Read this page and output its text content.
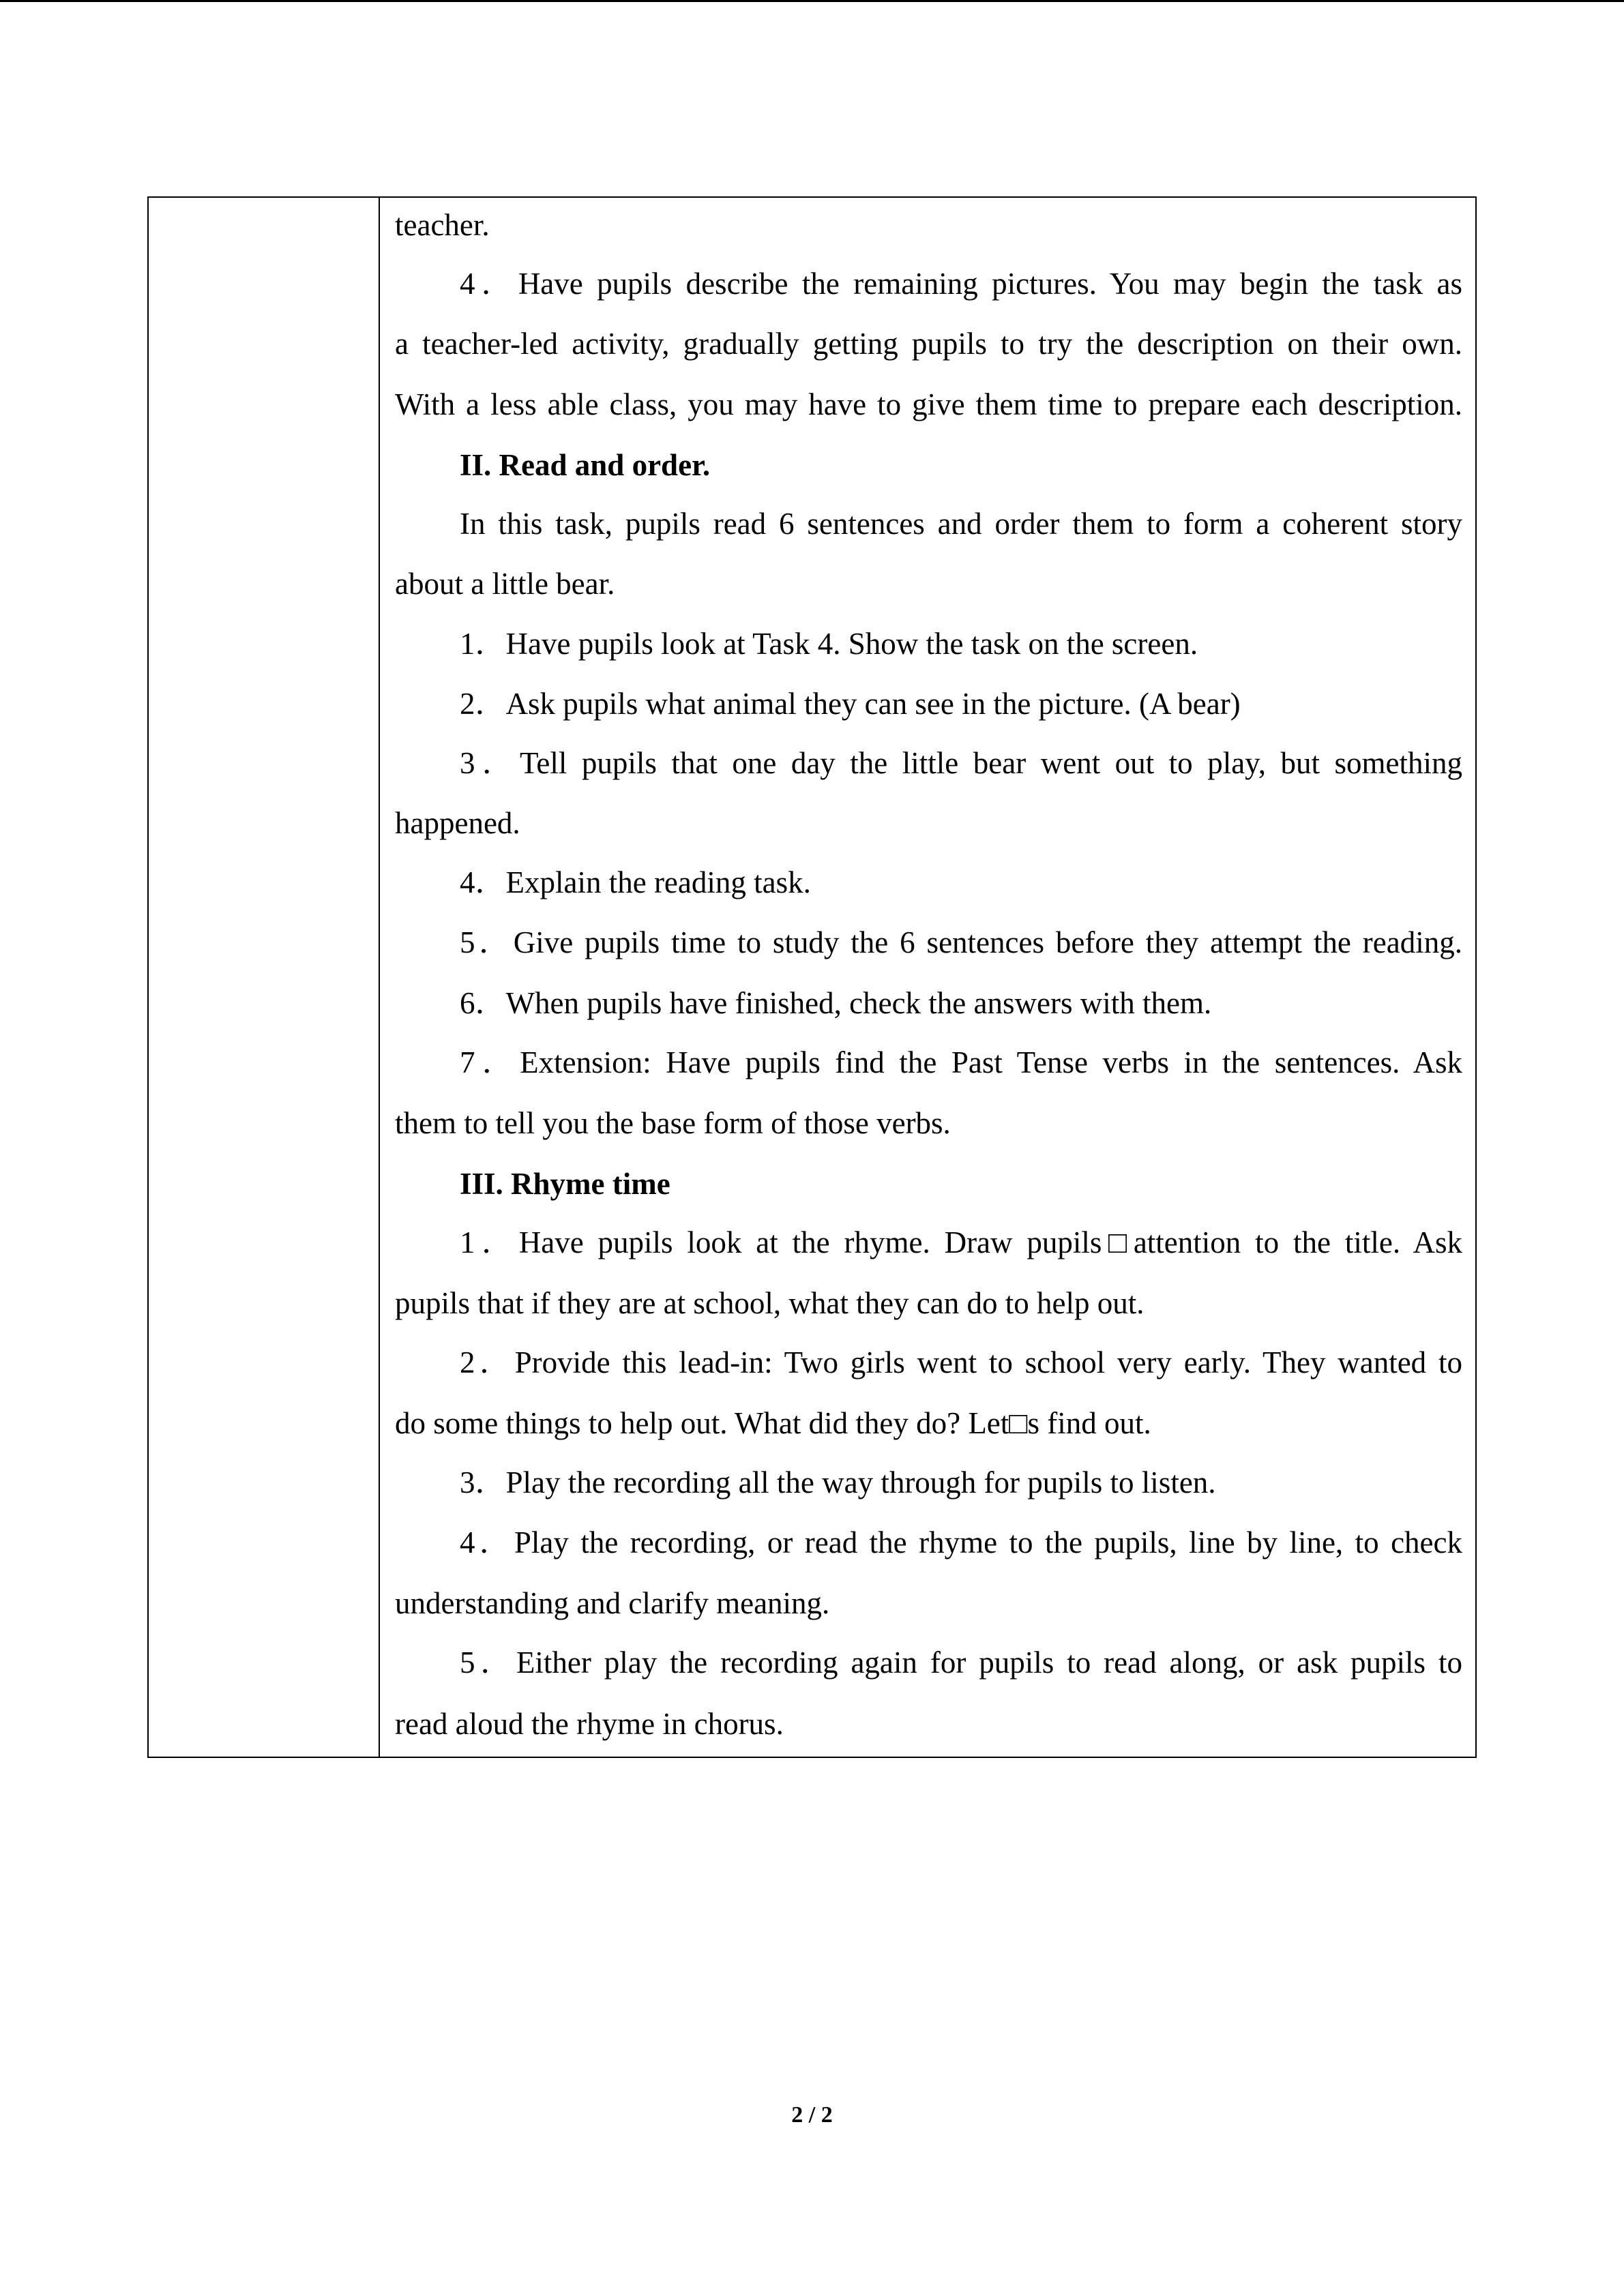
teacher.
4．Have pupils describe the remaining pictures. You may begin the task as
a teacher-led activity, gradually getting pupils to try the description on their own.
With a less able class, you may have to give them time to prepare each description.
II. Read and order.
In this task, pupils read 6 sentences and order them to form a coherent story
about a little bear.
1．Have pupils look at Task 4. Show the task on the screen.
2．Ask pupils what animal they can see in the picture. (A bear)
3．Tell pupils that one day the little bear went out to play, but something
happened.
4．Explain the reading task.
5．Give pupils time to study the 6 sentences before they attempt the reading.
6．When pupils have finished, check the answers with them.
7．Extension: Have pupils find the Past Tense verbs in the sentences. Ask
them to tell you the base form of those verbs.
III. Rhyme time
1．Have pupils look at the rhyme. Draw pupils□attention to the title. Ask
pupils that if they are at school, what they can do to help out.
2．Provide this lead-in: Two girls went to school very early. They wanted to
do some things to help out. What did they do? Let□s find out.
3．Play the recording all the way through for pupils to listen.
4．Play the recording, or read the rhyme to the pupils, line by line, to check
understanding and clarify meaning.
5．Either play the recording again for pupils to read along, or ask pupils to
read aloud the rhyme in chorus.
2 / 2
